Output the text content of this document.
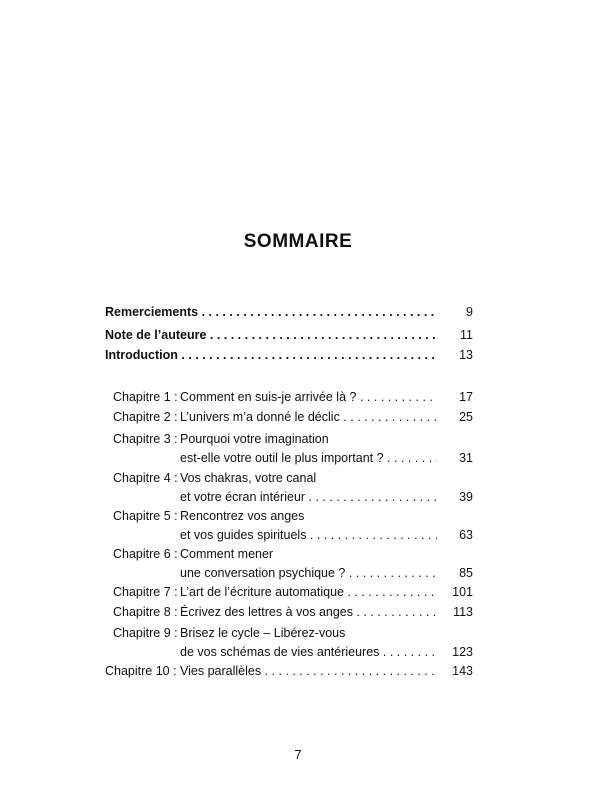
SOMMAIRE
Remerciements . . .	9
Note de l’auteure . . .	11
Introduction . . .	13
Chapitre 1 : Comment en suis-je arrivée là ? . . .	17
Chapitre 2 : L’univers m’a donné le déclic . . .	25
Chapitre 3 : Pourquoi votre imagination
est-elle votre outil le plus important ? . . .	31
Chapitre 4 : Vos chakras, votre canal
et votre écran intérieur . . .	39
Chapitre 5 : Rencontrez vos anges
et vos guides spirituels . . .	63
Chapitre 6 : Comment mener
une conversation psychique ? . . .	85
Chapitre 7 : L’art de l’écriture automatique . . .	101
Chapitre 8 : Écrivez des lettres à vos anges . . .	113
Chapitre 9 : Brisez le cycle – Libérez-vous
de vos schémas de vies antérieures . . .	123
Chapitre 10 : Vies parallèles . . .	143
7
